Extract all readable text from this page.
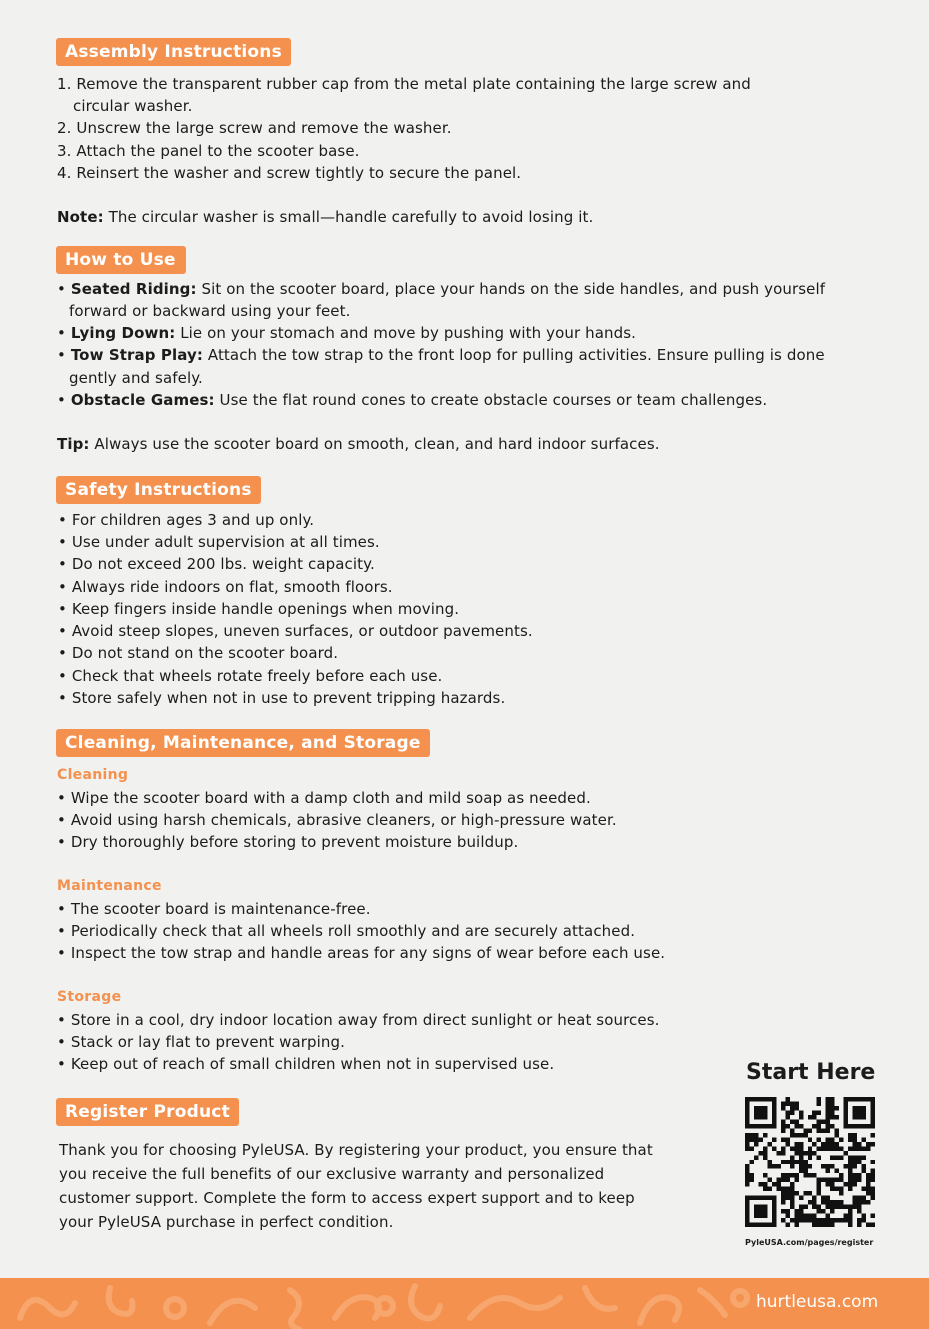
Assembly Instructions
1. Remove the transparent rubber cap from the metal plate containing the large screw and
circular washer.
2. Unscrew the large screw and remove the washer.
3. Attach the panel to the scooter base.
4. Reinsert the washer and screw tightly to secure the panel.
Note: The circular washer is small—handle carefully to avoid losing it.
How to Use
• Seated Riding: Sit on the scooter board, place your hands on the side handles, and push yourself
forward or backward using your feet.
• Lying Down: Lie on your stomach and move by pushing with your hands.
• Tow Strap Play: Attach the tow strap to the front loop for pulling activities. Ensure pulling is done
gently and safely.
• Obstacle Games: Use the flat round cones to create obstacle courses or team challenges.
Tip: Always use the scooter board on smooth, clean, and hard indoor surfaces.
Safety Instructions
• For children ages 3 and up only.
• Use under adult supervision at all times.
• Do not exceed 200 lbs. weight capacity.
• Always ride indoors on flat, smooth floors.
• Keep fingers inside handle openings when moving.
• Avoid steep slopes, uneven surfaces, or outdoor pavements.
• Do not stand on the scooter board.
• Check that wheels rotate freely before each use.
• Store safely when not in use to prevent tripping hazards.
Cleaning, Maintenance, and Storage
Cleaning
• Wipe the scooter board with a damp cloth and mild soap as needed.
• Avoid using harsh chemicals, abrasive cleaners, or high-pressure water.
• Dry thoroughly before storing to prevent moisture buildup.
Maintenance
• The scooter board is maintenance-free.
• Periodically check that all wheels roll smoothly and are securely attached.
• Inspect the tow strap and handle areas for any signs of wear before each use.
Storage
• Store in a cool, dry indoor location away from direct sunlight or heat sources.
• Stack or lay flat to prevent warping.
• Keep out of reach of small children when not in supervised use.
Register Product
Thank you for choosing PyleUSA. By registering your product, you ensure that
you receive the full benefits of our exclusive warranty and personalized
customer support. Complete the form to access expert support and to keep
your PyleUSA purchase in perfect condition.
Start Here
PyleUSA.com/pages/register
hurtleusa.com
